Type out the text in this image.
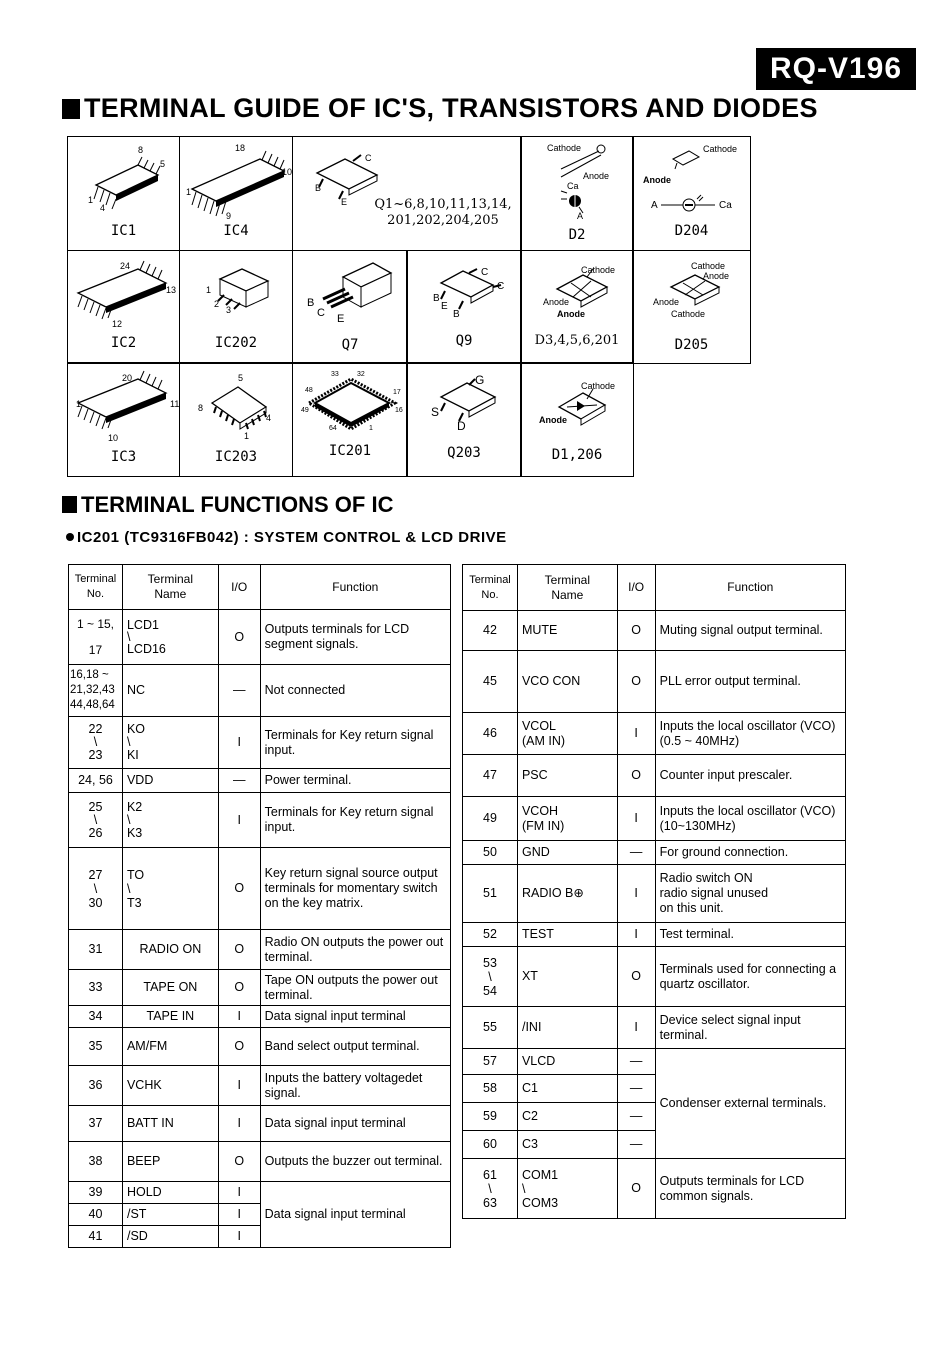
RQ-V196
TERMINAL GUIDE OF IC'S, TRANSISTORS AND DIODES
8
5
4
1
IC1
18
10
1
9
IC4
C
B
E Q1~6,8,10,11,13,14,
201,202,204,205
Cathode
Anode
Ca
A
D2
Cathode
Anode
A	Ca
D204
24
13
12
IC2
1
2
3
IC202
B
C E
Q7
C
B
E
C
B
Q9
Cathode
Anode
Anode
D3,4,5,6,201
Cathode
Anode
Anode
Cathode
D205
20
11
1
10
IC3
5
8
4
1
IC203
33	32
48	17
49	16
64	1
IC201
G
S
D
Q203
Cathode
Anode
D1,206
TERMINAL FUNCTIONS OF IC
IC201 (TC9316FB042) : SYSTEM CONTROL & LCD DRIVE
Terminal
No.	Terminal
Name	I/O	Function
1 ~ 15,

17	LCD1
\
LCD16	O	Outputs terminals for LCD segment signals.
16,18 ~
21,32,43
44,48,64	NC	—	Not connected
22
\
23	KO
\
KI	I	Terminals for Key return signal input.
24, 56	VDD	—	Power terminal.
25
\
26	K2
\
K3	I	Terminals for Key return signal input.
27
\
30	TO
\
T3	O	Key return signal source output terminals for momentary switch on the key matrix.
31	RADIO ON	O	Radio ON outputs the power out terminal.
33	TAPE ON	O	Tape ON outputs the power out terminal.
34	TAPE IN	I	Data signal input terminal
35	AM/FM	O	Band select output terminal.
36	VCHK	I	Inputs the battery voltagedet signal.
37	BATT IN	I	Data signal input terminal
38	BEEP	O	Outputs the buzzer out terminal.
39	HOLD	I	Data signal input terminal
40	/ST	I	
41	/SD	I	
Terminal
No.	Terminal
Name	I/O	Function
42	MUTE	O	Muting signal output terminal.
45	VCO CON	O	PLL error output terminal.
46	VCOL
(AM IN)	I	Inputs the local oscillator (VCO) (0.5 ~ 40MHz)
47	PSC	O	Counter input prescaler.
49	VCOH
(FM IN)	I	Inputs the local oscillator (VCO) (10~130MHz)
50	GND	—	For ground connection.
51	RADIO B⊕	I	Radio switch ON
radio signal unused
on this unit.
52	TEST	I	Test terminal.
53
\
54	XT	O	Terminals used for connecting a quartz oscillator.
55	/INI	I	Device select signal input terminal.
57	VLCD	—	Condenser external terminals.
58	C1	—	
59	C2	—	
60	C3	—	
61
\
63	COM1
\
COM3	O	Outputs terminals for LCD common signals.
